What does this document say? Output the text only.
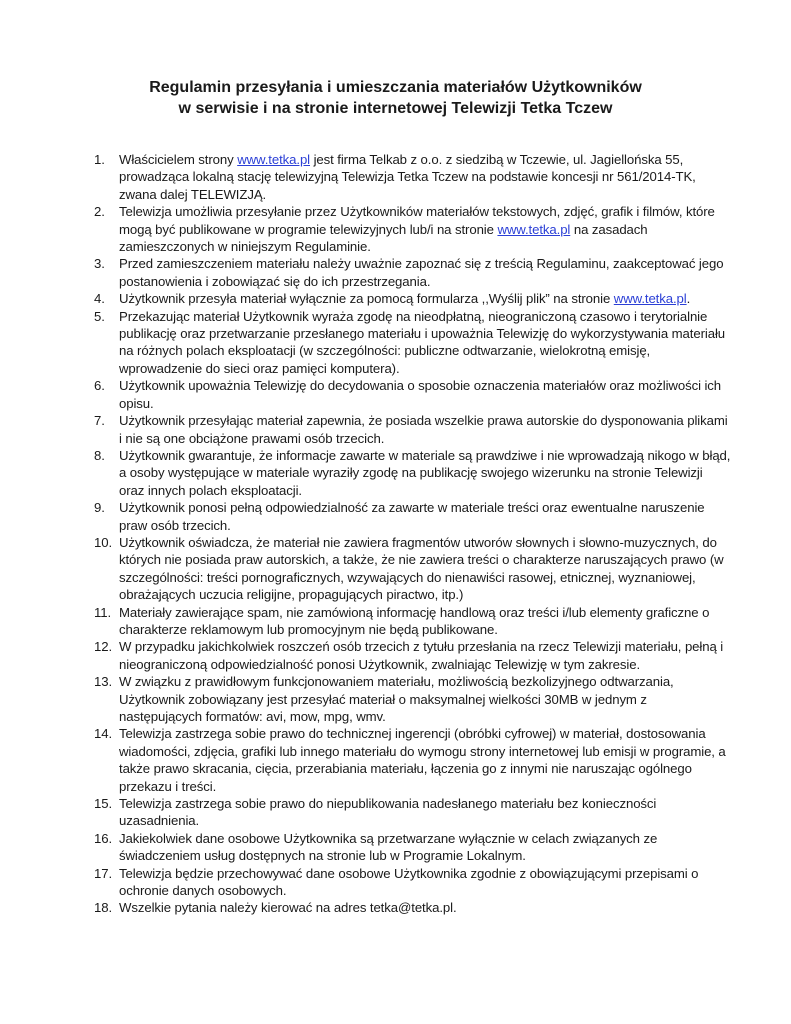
Regulamin przesyłania i umieszczania materiałów Użytkowników
w serwisie i na stronie internetowej Telewizji Tetka Tczew
1. Właścicielem strony www.tetka.pl jest firma Telkab z o.o. z siedzibą w Tczewie, ul. Jagiellońska 55, prowadząca lokalną stację telewizyjną Telewizja Tetka Tczew na podstawie koncesji nr 561/2014-TK, zwana dalej TELEWIZJĄ.
2. Telewizja umożliwia przesyłanie przez Użytkowników materiałów tekstowych, zdjęć, grafik i filmów, które mogą być publikowane w programie telewizyjnych lub/i na stronie www.tetka.pl na zasadach zamieszczonych w niniejszym Regulaminie.
3. Przed zamieszczeniem materiału należy uważnie zapoznać się z treścią Regulaminu, zaakceptować jego postanowienia i zobowiązać się do ich przestrzegania.
4. Użytkownik przesyła materiał wyłącznie za pomocą formularza ,,Wyślij plik” na stronie www.tetka.pl.
5. Przekazując materiał Użytkownik wyraża zgodę na nieodpłatną, nieograniczoną czasowo i terytorialnie publikację oraz przetwarzanie przesłanego materiału i upoważnia Telewizję do wykorzystywania materiału na różnych polach eksploatacji (w szczególności: publiczne odtwarzanie, wielokrotną emisję, wprowadzenie do sieci oraz pamięci komputera).
6. Użytkownik upoważnia Telewizję do decydowania o sposobie oznaczenia materiałów oraz możliwości ich opisu.
7. Użytkownik przesyłając materiał zapewnia, że posiada wszelkie prawa autorskie do dysponowania plikami i nie są one obciążone prawami osób trzecich.
8. Użytkownik gwarantuje, że informacje zawarte w materiale są prawdziwe i nie wprowadzają nikogo w błąd, a osoby występujące w materiale wyraziły zgodę na publikację swojego wizerunku na stronie Telewizji oraz innych polach eksploatacji.
9. Użytkownik ponosi pełną odpowiedzialność za zawarte w materiale treści oraz ewentualne naruszenie praw osób trzecich.
10. Użytkownik oświadcza, że materiał nie zawiera fragmentów utworów słownych i słowno-muzycznych, do których nie posiada praw autorskich, a także, że nie zawiera treści o charakterze naruszających prawo (w szczególności: treści pornograficznych, wzywających do nienawiści rasowej, etnicznej, wyznaniowej, obrażających uczucia religijne, propagujących piractwo, itp.)
11. Materiały zawierające spam, nie zamówioną informację handlową oraz treści i/lub elementy graficzne o charakterze reklamowym lub promocyjnym nie będą publikowane.
12. W przypadku jakichkolwiek roszczeń osób trzecich z tytułu przesłania na rzecz Telewizji materiału, pełną i nieograniczoną odpowiedzialność ponosi Użytkownik, zwalniając Telewizję w tym zakresie.
13. W związku z prawidłowym funkcjonowaniem materiału, możliwością bezkolizyjnego odtwarzania, Użytkownik zobowiązany jest przesyłać materiał o maksymalnej wielkości 30MB w jednym z następujących formatów: avi, mow, mpg, wmv.
14. Telewizja zastrzega sobie prawo do technicznej ingerencji (obróbki cyfrowej) w materiał, dostosowania wiadomości, zdjęcia, grafiki lub innego materiału do wymogu strony internetowej lub emisji w programie, a także prawo skracania, cięcia, przerabiania materiału, łączenia go z innymi nie naruszając ogólnego przekazu i treści.
15. Telewizja zastrzega sobie prawo do niepublikowania nadesłanego materiału bez konieczności uzasadnienia.
16. Jakiekolwiek dane osobowe Użytkownika są przetwarzane wyłącznie w celach związanych ze świadczeniem usług dostępnych na stronie lub w Programie Lokalnym.
17. Telewizja będzie przechowywać dane osobowe Użytkownika zgodnie z obowiązującymi przepisami o ochronie danych osobowych.
18. Wszelkie pytania należy kierować na adres tetka@tetka.pl.
